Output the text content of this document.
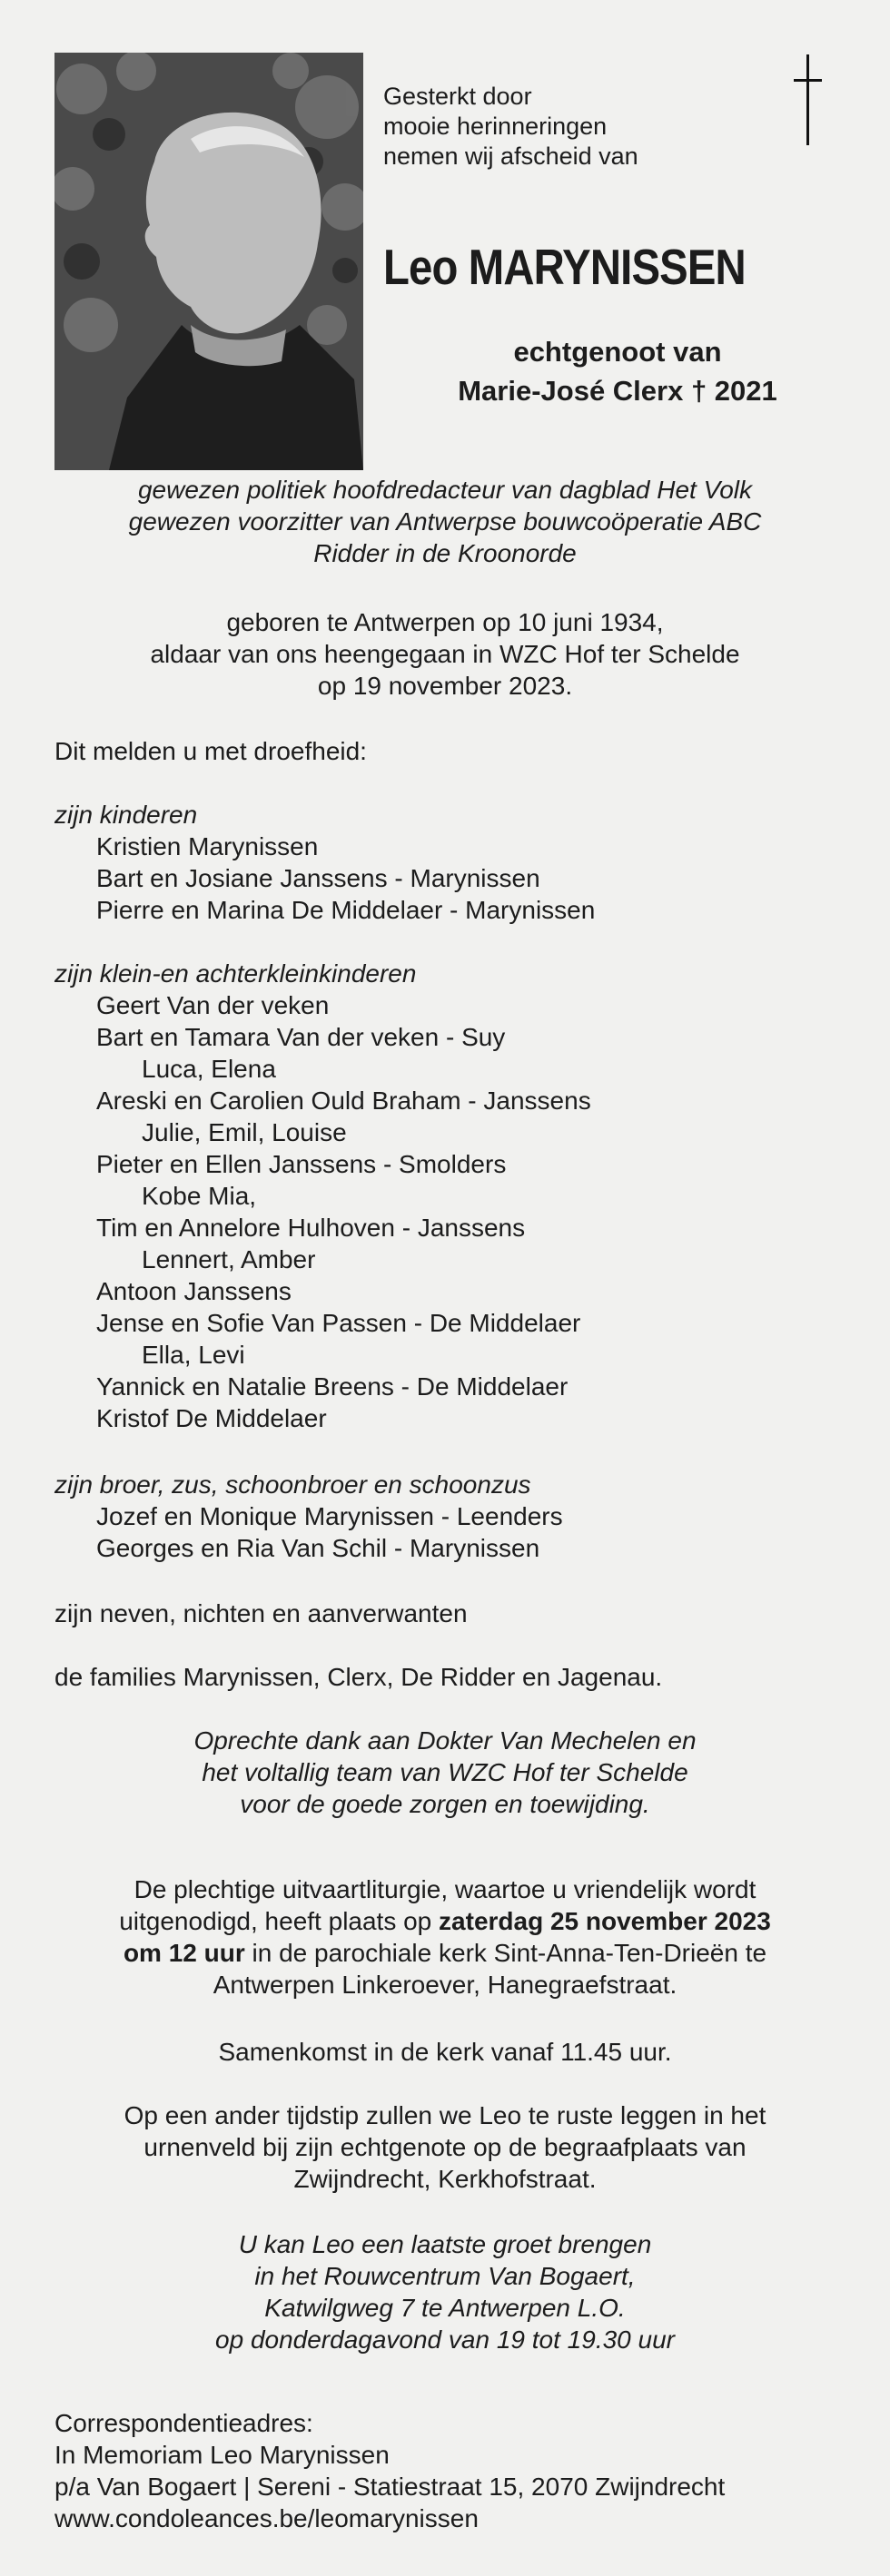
Gesterkt door
mooie herinneringen
nemen wij afscheid van
Leo MARYNISSEN
echtgenoot van
Marie-José Clerx † 2021
gewezen politiek hoofdredacteur van dagblad Het Volk
gewezen voorzitter van Antwerpse bouwcoöperatie ABC
Ridder in de Kroonorde
geboren te Antwerpen op 10 juni 1934,
aldaar van ons heengegaan in WZC Hof ter Schelde
op 19 november 2023.
Dit melden u met droefheid:
zijn kinderen
Kristien Marynissen
Bart en Josiane Janssens - Marynissen
Pierre en Marina De Middelaer - Marynissen
zijn klein-en achterkleinkinderen
Geert Van der veken
Bart en Tamara Van der veken - Suy
Luca, Elena
Areski en Carolien Ould Braham - Janssens
Julie, Emil, Louise
Pieter en Ellen Janssens - Smolders
Kobe Mia,
Tim en Annelore Hulhoven - Janssens
Lennert, Amber
Antoon Janssens
Jense en Sofie Van Passen - De Middelaer
Ella, Levi
Yannick en Natalie Breens - De Middelaer
Kristof De Middelaer
zijn broer, zus, schoonbroer en schoonzus
Jozef en Monique Marynissen - Leenders
Georges en Ria Van Schil - Marynissen
zijn neven, nichten en aanverwanten
de families Marynissen, Clerx, De Ridder en Jagenau.
Oprechte dank aan Dokter Van Mechelen en
het voltallig team van WZC Hof ter Schelde
voor de goede zorgen en toewijding.
De plechtige uitvaartliturgie, waartoe u vriendelijk wordt
uitgenodigd, heeft plaats op zaterdag 25 november 2023
om 12 uur in de parochiale kerk Sint-Anna-Ten-Drieën te
Antwerpen Linkeroever, Hanegraefstraat.
Samenkomst in de kerk vanaf 11.45 uur.
Op een ander tijdstip zullen we Leo te ruste leggen in het
urnenveld bij zijn echtgenote op de begraafplaats van
Zwijndrecht, Kerkhofstraat.
U kan Leo een laatste groet brengen
in het Rouwcentrum Van Bogaert,
Katwilgweg 7 te Antwerpen L.O.
op donderdagavond van 19 tot 19.30 uur
Correspondentieadres:
In Memoriam Leo Marynissen
p/a Van Bogaert | Sereni - Statiestraat 15, 2070 Zwijndrecht
www.condoleances.be/leomarynissen
